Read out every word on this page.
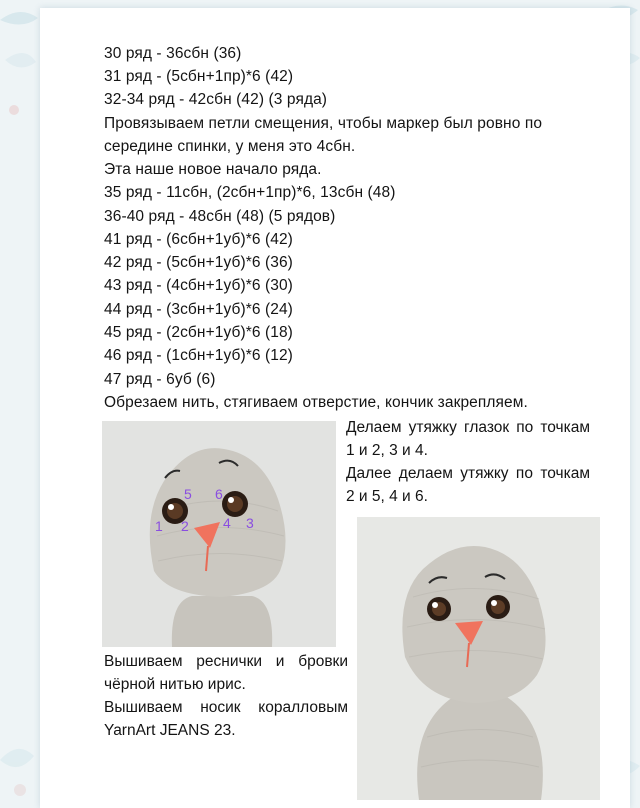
30 ряд - 36сбн (36)
31 ряд - (5сбн+1пр)*6 (42)
32-34 ряд - 42сбн (42) (3 ряда)
Провязываем петли смещения, чтобы маркер был ровно по
середине спинки, у меня это 4сбн.
Эта наше новое начало ряда.
35 ряд - 11сбн, (2сбн+1пр)*6, 13сбн (48)
36-40 ряд - 48сбн (48) (5 рядов)
41 ряд - (6сбн+1уб)*6 (42)
42 ряд - (5сбн+1уб)*6 (36)
43 ряд - (4сбн+1уб)*6 (30)
44 ряд - (3сбн+1уб)*6 (24)
45 ряд - (2сбн+1уб)*6 (18)
46 ряд - (1сбн+1уб)*6 (12)
47 ряд - 6уб (6)
Обрезаем нить, стягиваем отверстие, кончик закрепляем.
1 2	3
4
5 6
Делаем утяжку глазок по точкам 1 и 2, 3 и 4.
Далее делаем утяжку по точкам 2 и 5, 4 и 6.
Вышиваем реснички и бровки чёрной нитью ирис.
Вышиваем носик коралловым YarnArt JEANS 23.
